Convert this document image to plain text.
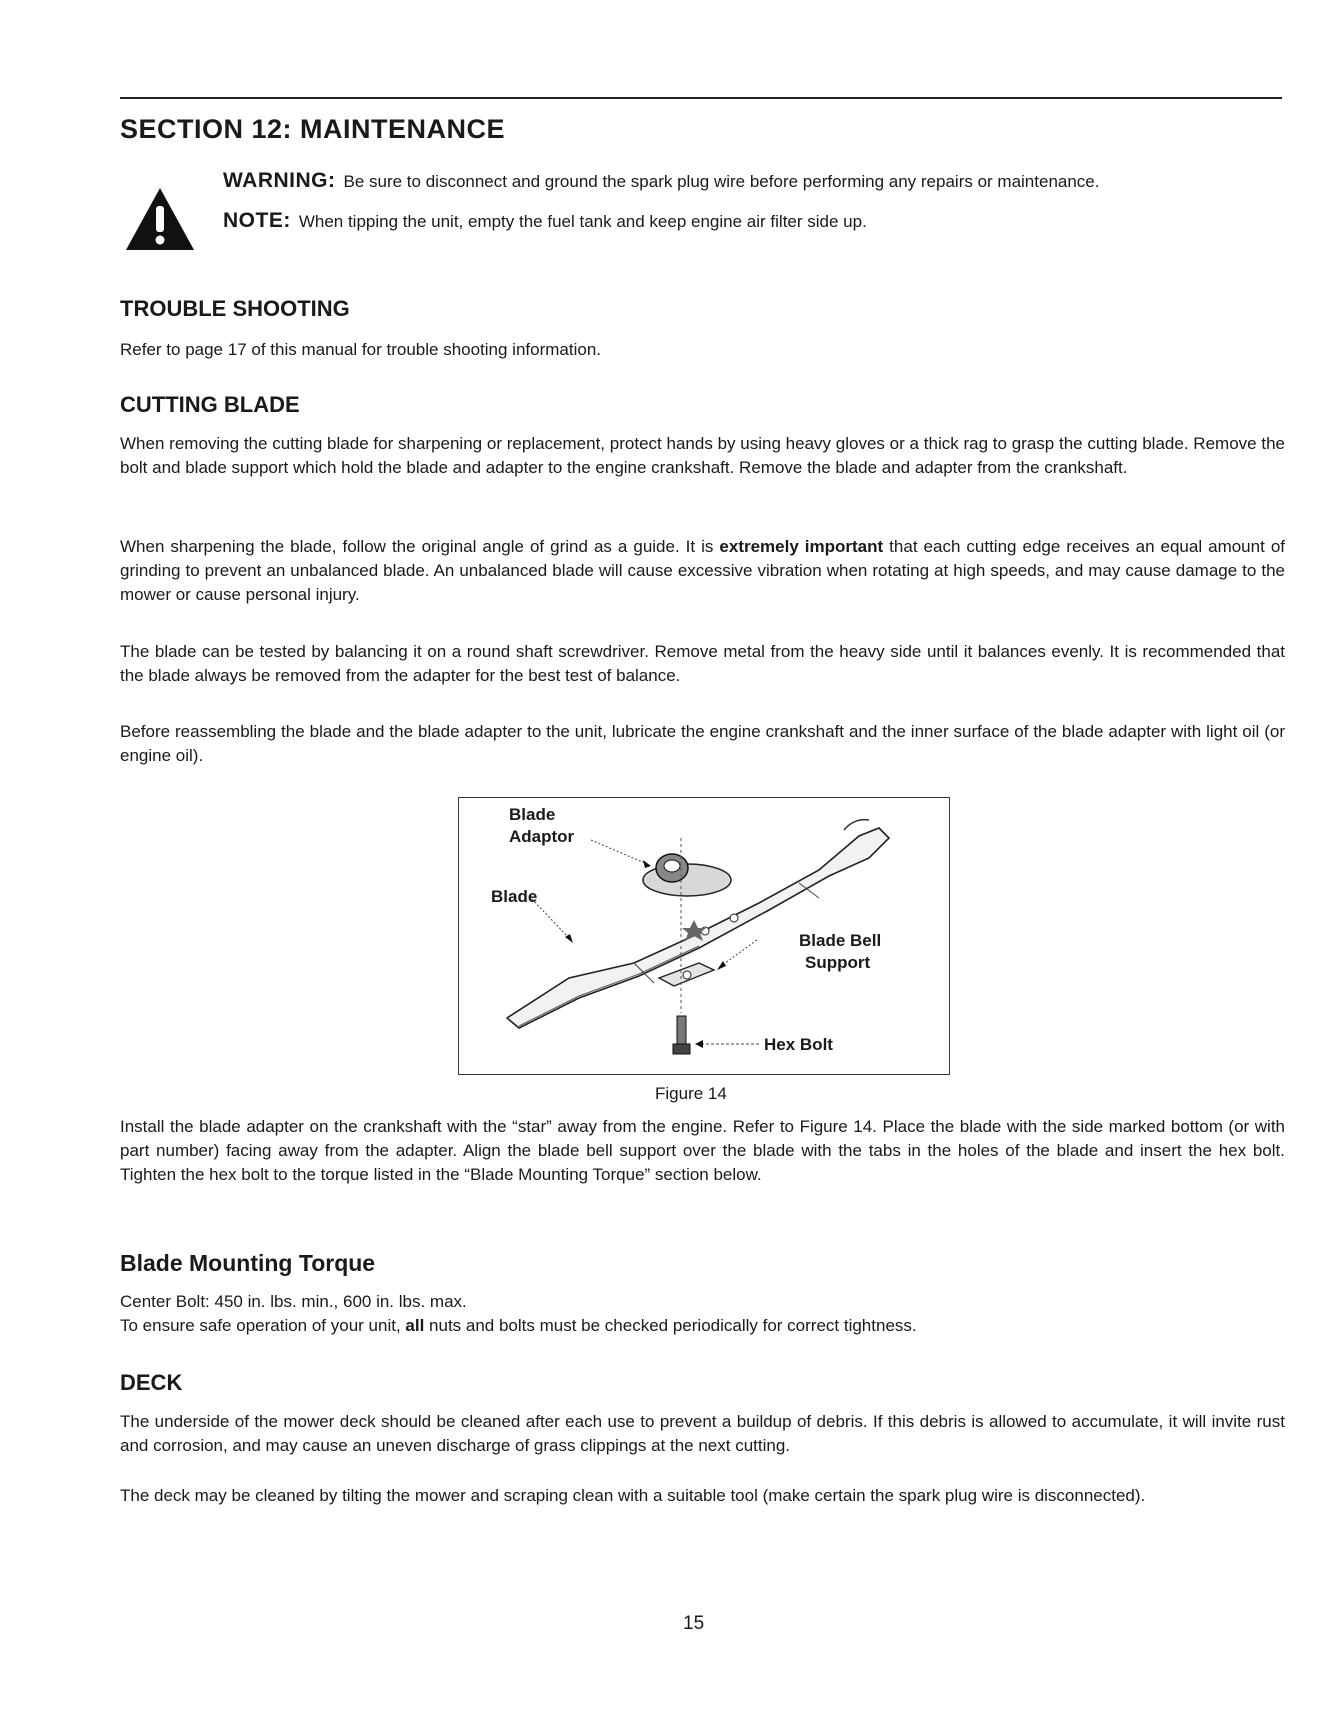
SECTION 12: MAINTENANCE
WARNING: Be sure to disconnect and ground the spark plug wire before performing any repairs or maintenance.
NOTE: When tipping the unit, empty the fuel tank and keep engine air filter side up.
TROUBLE SHOOTING

Refer to page 17 of this manual for trouble shooting information.

CUTTING BLADE

When removing the cutting blade for sharpening or replacement, protect hands by using heavy gloves or a thick rag to grasp the cutting blade. Remove the bolt and blade support which hold the blade and adapter to the engine crankshaft. Remove the blade and adapter from the crankshaft.

When sharpening the blade, follow the original angle of grind as a guide. It is extremely important that each cutting edge receives an equal amount of grinding to prevent an unbalanced blade. An unbalanced blade will cause excessive vibration when rotating at high speeds, and may cause damage to the mower or cause personal injury.

The blade can be tested by balancing it on a round shaft screwdriver. Remove metal from the heavy side until it balances evenly. It is recommended that the blade always be removed from the adapter for the best test of balance.

Before reassembling the blade and the blade adapter to the unit, lubricate the engine crankshaft and the inner surface of the blade adapter with light oil (or engine oil).

Blade
Adaptor
Blade
Blade Bell
Support
Hex Bolt
Figure 14

Install the blade adapter on the crankshaft with the “star” away from the engine. Refer to Figure 14. Place the blade with the side marked bottom (or with part number) facing away from the adapter. Align the blade bell support over the blade with the tabs in the holes of the blade and insert the hex bolt. Tighten the hex bolt to the torque listed in the “Blade Mounting Torque” section below.

Blade Mounting Torque

Center Bolt: 450 in. lbs. min., 600 in. lbs. max.

To ensure safe operation of your unit, all nuts and bolts must be checked periodically for correct tightness.

DECK

The underside of the mower deck should be cleaned after each use to prevent a buildup of debris. If this debris is allowed to accumulate, it will invite rust and corrosion, and may cause an uneven discharge of grass clippings at the next cutting.

The deck may be cleaned by tilting the mower and scraping clean with a suitable tool (make certain the spark plug wire is disconnected).

15
